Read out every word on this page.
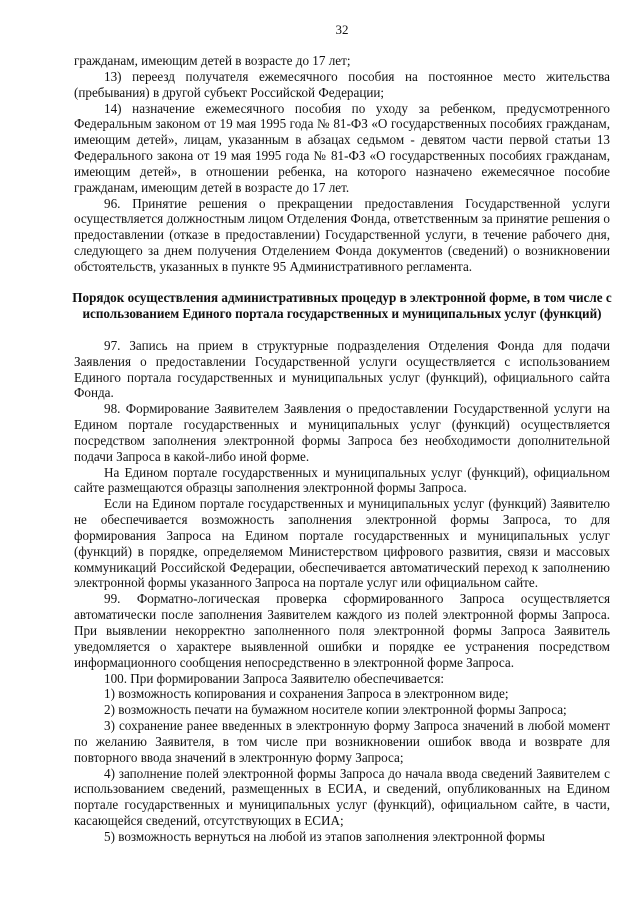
32

гражданам, имеющим детей в возрасте до 17 лет;

13) переезд получателя ежемесячного пособия на постоянное место жительства (пребывания) в другой субъект Российской Федерации;

14) назначение ежемесячного пособия по уходу за ребенком, предусмотренного Федеральным законом от 19 мая 1995 года № 81-ФЗ «О государственных пособиях гражданам, имеющим детей», лицам, указанным в абзацах седьмом - девятом части первой статьи 13 Федерального закона от 19 мая 1995 года № 81-ФЗ «О государственных пособиях гражданам, имеющим детей», в отношении ребенка, на которого назначено ежемесячное пособие гражданам, имеющим детей в возрасте до 17 лет.

96. Принятие решения о прекращении предоставления Государственной услуги осуществляется должностным лицом Отделения Фонда, ответственным за принятие решения о предоставлении (отказе в предоставлении) Государственной услуги, в течение рабочего дня, следующего за днем получения Отделением Фонда документов (сведений) о возникновении обстоятельств, указанных в пункте 95 Административного регламента.

Порядок осуществления административных процедур в электронной форме, в том числе с использованием Единого портала государственных и муниципальных услуг (функций)

97. Запись на прием в структурные подразделения Отделения Фонда для подачи Заявления о предоставлении Государственной услуги осуществляется с использованием Единого портала государственных и муниципальных услуг (функций), официального сайта Фонда.

98. Формирование Заявителем Заявления о предоставлении Государственной услуги на Едином портале государственных и муниципальных услуг (функций) осуществляется посредством заполнения электронной формы Запроса без необходимости дополнительной подачи Запроса в какой-либо иной форме.

На Едином портале государственных и муниципальных услуг (функций), официальном сайте размещаются образцы заполнения электронной формы Запроса.

Если на Едином портале государственных и муниципальных услуг (функций) Заявителю не обеспечивается возможность заполнения электронной формы Запроса, то для формирования Запроса на Едином портале государственных и муниципальных услуг (функций) в порядке, определяемом Министерством цифрового развития, связи и массовых коммуникаций Российской Федерации, обеспечивается автоматический переход к заполнению электронной формы указанного Запроса на портале услуг или официальном сайте.

99. Форматно-логическая проверка сформированного Запроса осуществляется автоматически после заполнения Заявителем каждого из полей электронной формы Запроса. При выявлении некорректно заполненного поля электронной формы Запроса Заявитель уведомляется о характере выявленной ошибки и порядке ее устранения посредством информационного сообщения непосредственно в электронной форме Запроса.

100. При формировании Запроса Заявителю обеспечивается:

1) возможность копирования и сохранения Запроса в электронном виде;

2) возможность печати на бумажном носителе копии электронной формы Запроса;

3) сохранение ранее введенных в электронную форму Запроса значений в любой момент по желанию Заявителя, в том числе при возникновении ошибок ввода и возврате для повторного ввода значений в электронную форму Запроса;

4) заполнение полей электронной формы Запроса до начала ввода сведений Заявителем с использованием сведений, размещенных в ЕСИА, и сведений, опубликованных на Едином портале государственных и муниципальных услуг (функций), официальном сайте, в части, касающейся сведений, отсутствующих в ЕСИА;

5) возможность вернуться на любой из этапов заполнения электронной формы
